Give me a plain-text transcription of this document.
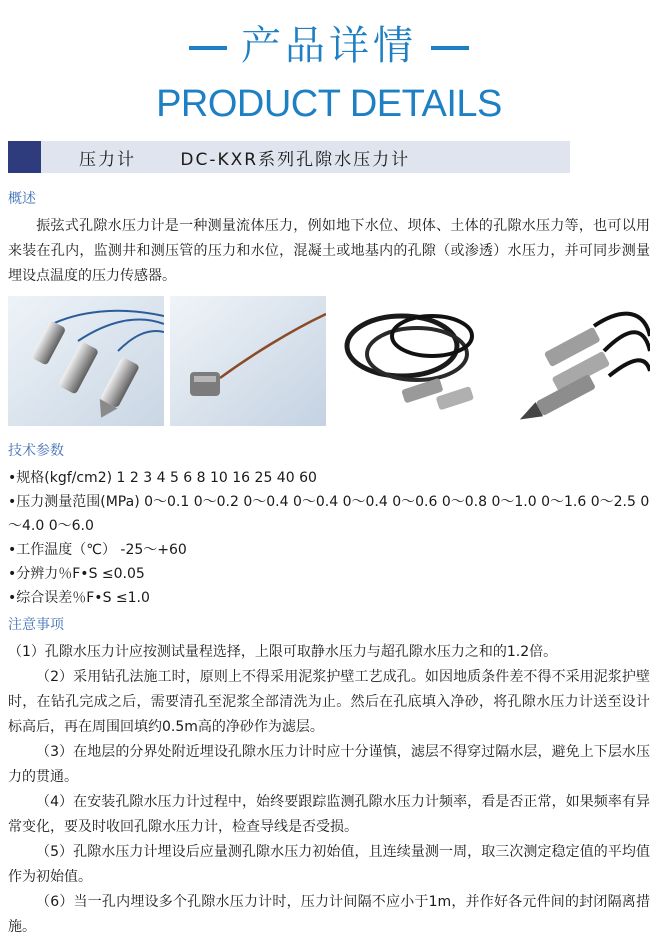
产品详情
PRODUCT DETAILS
压力计      DC-KXR系列孔隙水压力计
概述
振弦式孔隙水压力计是一种测量流体压力，例如地下水位、坝体、土体的孔隙水压力等，也可以用来装在孔内，监测井和测压管的压力和水位，混凝土或地基内的孔隙（或渗透）水压力，并可同步测量埋设点温度的压力传感器。
技术参数
•规格(kgf/cm2) 1 2 3 4 5 6 8 10 16 25 40 60
•压力测量范围(MPa) 0～0.1 0～0.2 0～0.4 0～0.4 0～0.4 0～0.6 0～0.8 0～1.0 0～1.6 0～2.5 0～4.0 0～6.0
•工作温度（℃） -25～+60
•分辨力％F•S ≤0.05
•综合误差％F•S ≤1.0
注意事项

（1）孔隙水压力计应按测试量程选择，上限可取静水压力与超孔隙水压力之和的1.2倍。

（2）采用钻孔法施工时，原则上不得采用泥浆护壁工艺成孔。如因地质条件差不得不采用泥浆护壁时，在钻孔完成之后，需要清孔至泥浆全部清洗为止。然后在孔底填入净砂，将孔隙水压力计送至设计标高后，再在周围回填约0.5m高的净砂作为滤层。

（3）在地层的分界处附近埋设孔隙水压力计时应十分谨慎，滤层不得穿过隔水层，避免上下层水压力的贯通。

（4）在安装孔隙水压力计过程中，始终要跟踪监测孔隙水压力计频率，看是否正常，如果频率有异常变化，要及时收回孔隙水压力计，检查导线是否受损。

（5）孔隙水压力计埋设后应量测孔隙水压力初始值，且连续量测一周，取三次测定稳定值的平均值作为初始值。

（6）当一孔内埋设多个孔隙水压力计时，压力计间隔不应小于1m，并作好各元件间的封闭隔离措施。
